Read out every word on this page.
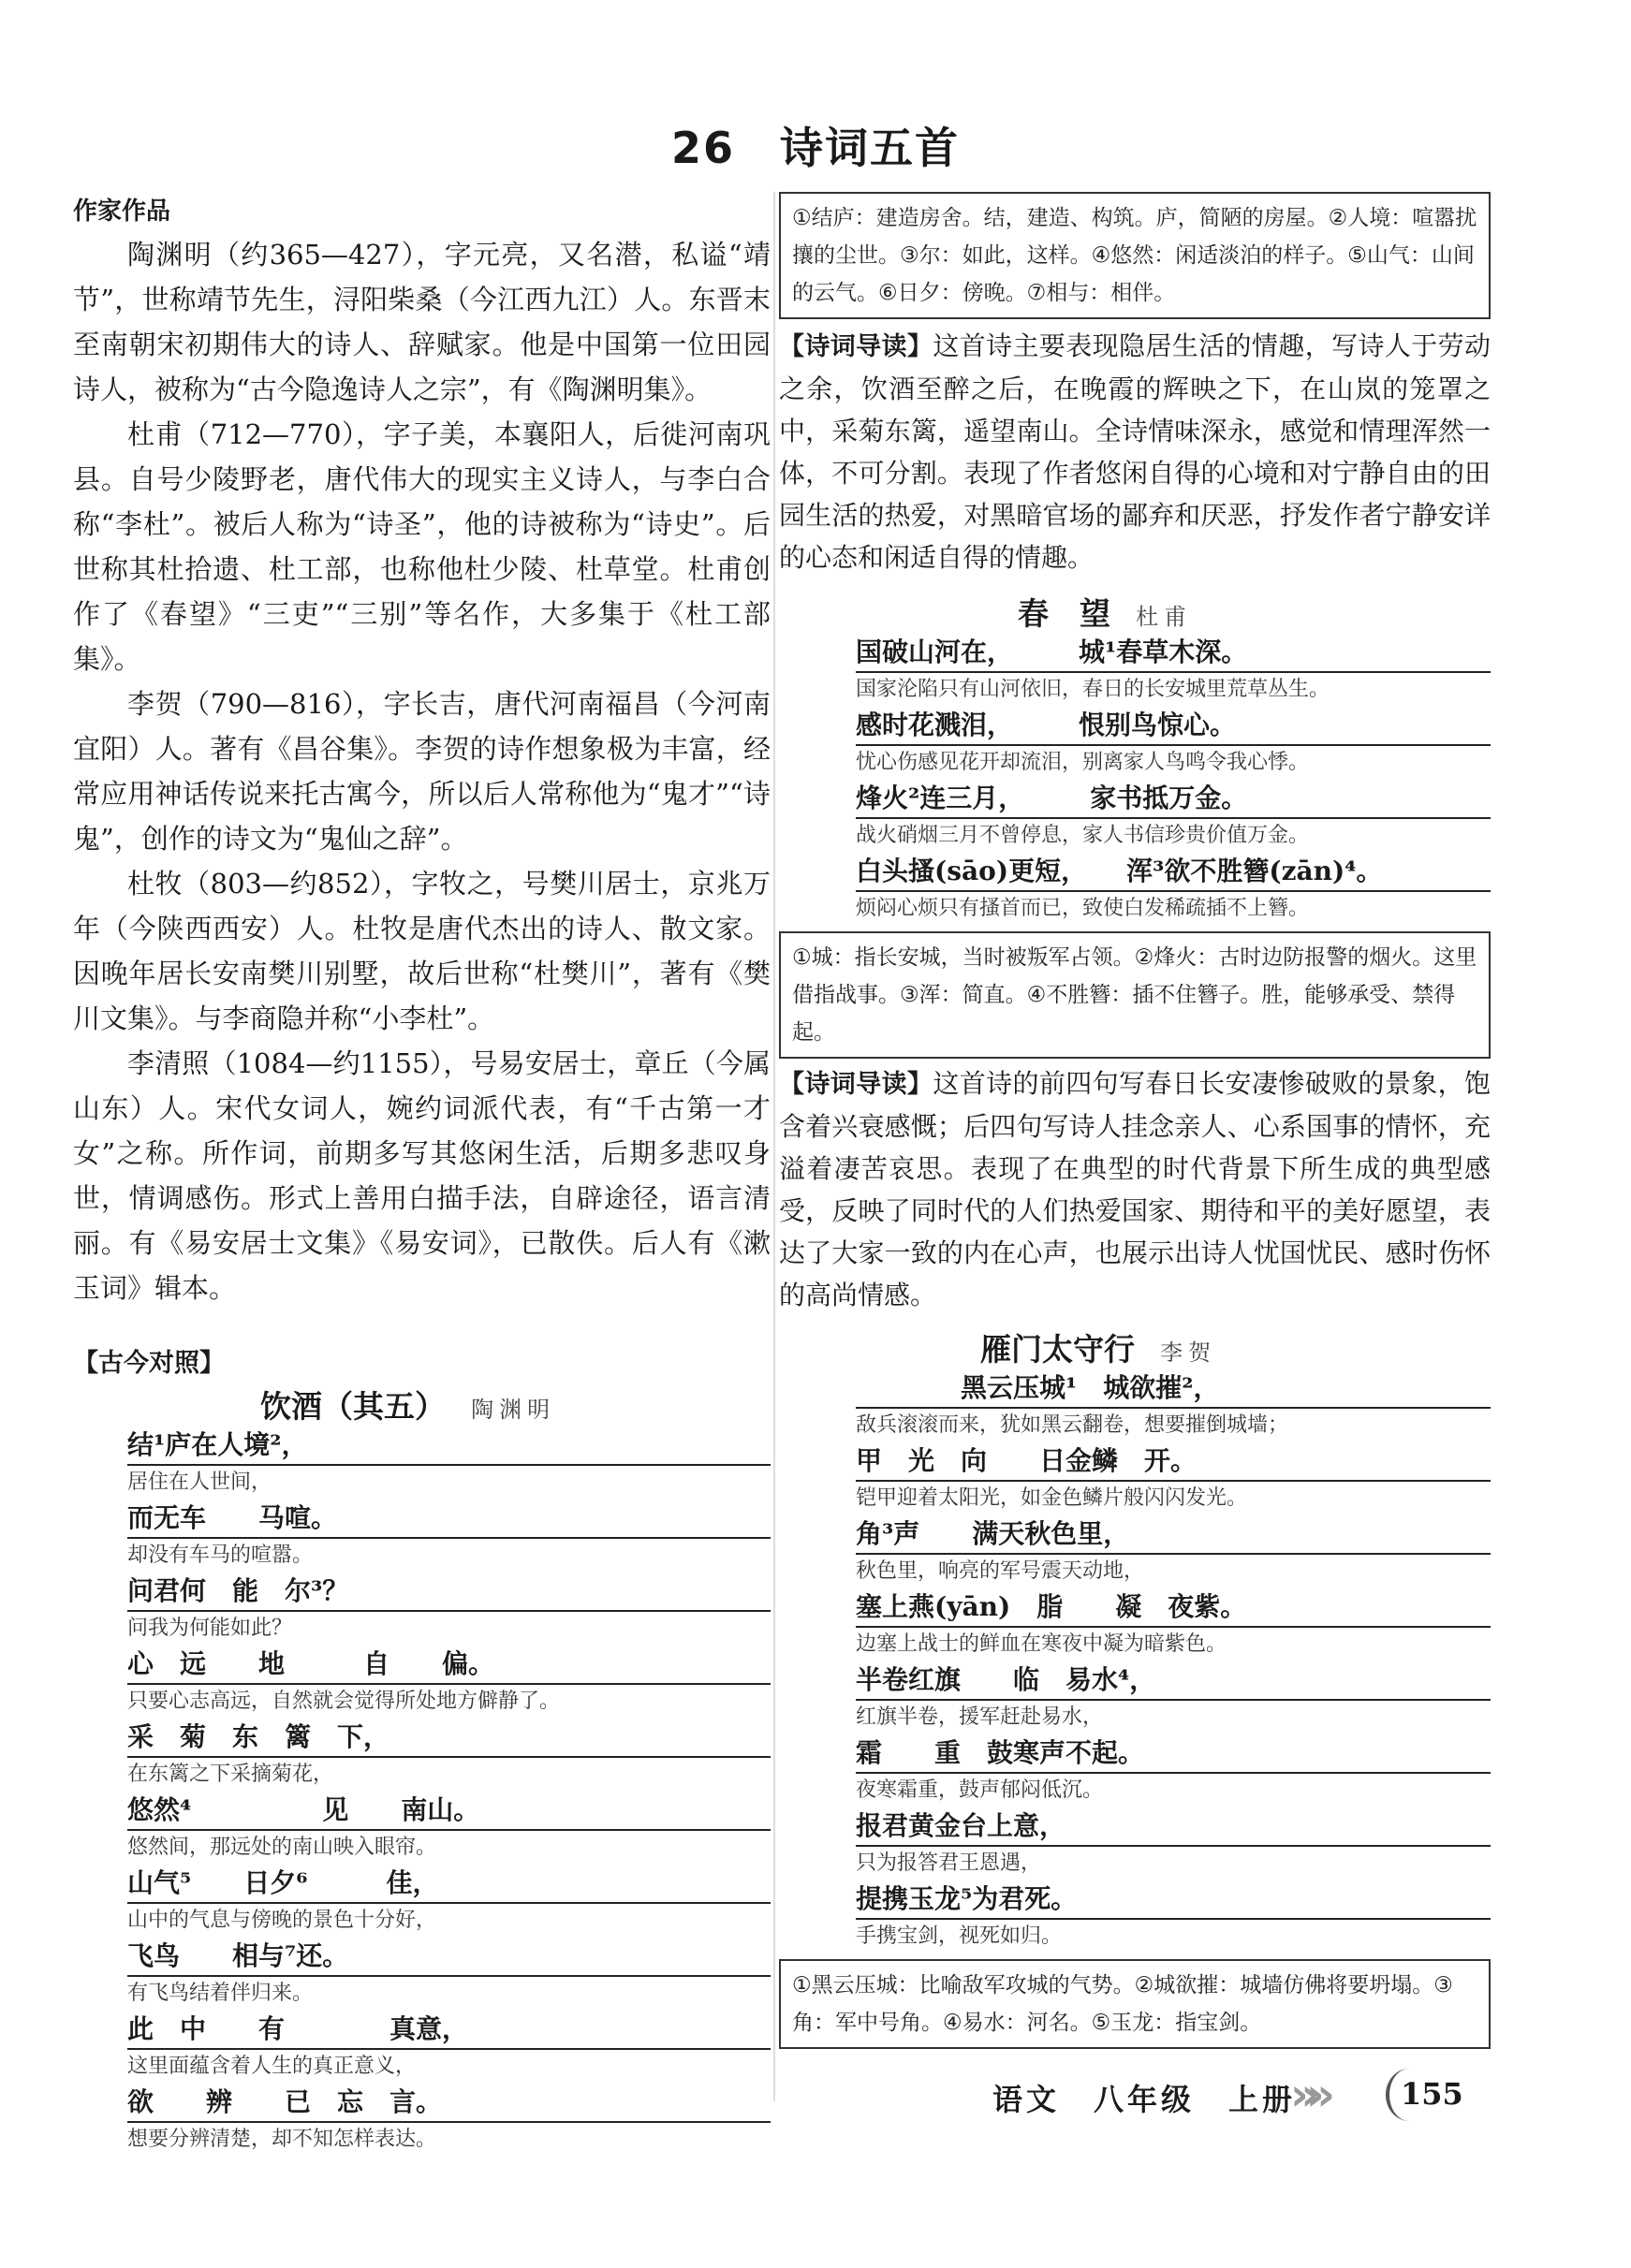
26　诗词五首
作家作品

陶渊明（约365—427），字元亮，又名潜，私谥“靖节”，世称靖节先生，浔阳柴桑（今江西九江）人。东晋末至南朝宋初期伟大的诗人、辞赋家。他是中国第一位田园诗人，被称为“古今隐逸诗人之宗”，有《陶渊明集》。

杜甫（712—770），字子美，本襄阳人，后徙河南巩县。自号少陵野老，唐代伟大的现实主义诗人，与李白合称“李杜”。被后人称为“诗圣”，他的诗被称为“诗史”。后世称其杜拾遗、杜工部，也称他杜少陵、杜草堂。杜甫创作了《春望》“三吏”“三别”等名作，大多集于《杜工部集》。

李贺（790—816），字长吉，唐代河南福昌（今河南宜阳）人。著有《昌谷集》。李贺的诗作想象极为丰富，经常应用神话传说来托古寓今，所以后人常称他为“鬼才”“诗鬼”，创作的诗文为“鬼仙之辞”。

杜牧（803—约852），字牧之，号樊川居士，京兆万年（今陕西西安）人。杜牧是唐代杰出的诗人、散文家。因晚年居长安南樊川别墅，故后世称“杜樊川”，著有《樊川文集》。与李商隐并称“小李杜”。

李清照（1084—约1155），号易安居士，章丘（今属山东）人。宋代女词人，婉约词派代表，有“千古第一才女”之称。所作词，前期多写其悠闲生活，后期多悲叹身世，情调感伤。形式上善用白描手法，自辟途径，语言清丽。有《易安居士文集》《易安词》，已散佚。后人有《漱玉词》辑本。

【古今对照】
饮酒（其五） 陶渊明
结¹庐在人境²，
居住在人世间，
而无车　　马喧。
却没有车马的喧嚣。
问君何　能　尔³？
问我为何能如此？
心　远　　地　　　自　　偏。
只要心志高远，自然就会觉得所处地方僻静了。
采　菊　东　篱　下，
在东篱之下采摘菊花，
悠然⁴　　　　　见　　南山。
悠然间，那远处的南山映入眼帘。
山气⁵　　日夕⁶　　　佳，
山中的气息与傍晚的景色十分好，
飞鸟　　相与⁷还。
有飞鸟结着伴归来。
此　中　　有　　　　真意，
这里面蕴含着人生的真正意义，
欲　　辨　　已　忘　言。
想要分辨清楚，却不知怎样表达。
①结庐：建造房舍。结，建造、构筑。庐，简陋的房屋。②人境：喧嚣扰攘的尘世。③尔：如此，这样。④悠然：闲适淡泊的样子。⑤山气：山间的云气。⑥日夕：傍晚。⑦相与：相伴。

【诗词导读】这首诗主要表现隐居生活的情趣，写诗人于劳动之余，饮酒至醉之后，在晚霞的辉映之下，在山岚的笼罩之中，采菊东篱，遥望南山。全诗情味深永，感觉和情理浑然一体，不可分割。表现了作者悠闲自得的心境和对宁静自由的田园生活的热爱，对黑暗官场的鄙弃和厌恶，抒发作者宁静安详的心态和闲适自得的情趣。

春　望 杜甫
国破山河在，　　　城¹春草木深。
国家沦陷只有山河依旧，春日的长安城里荒草丛生。
感时花溅泪，　　　恨别鸟惊心。
忧心伤感见花开却流泪，别离家人鸟鸣令我心悸。
烽火²连三月，　　　家书抵万金。
战火硝烟三月不曾停息，家人书信珍贵价值万金。
白头搔(sāo)更短，　　浑³欲不胜簪(zān)⁴。
烦闷心烦只有搔首而已，致使白发稀疏插不上簪。
①城：指长安城，当时被叛军占领。②烽火：古时边防报警的烟火。这里借指战事。③浑：简直。④不胜簪：插不住簪子。胜，能够承受、禁得起。

【诗词导读】这首诗的前四句写春日长安凄惨破败的景象，饱含着兴衰感慨；后四句写诗人挂念亲人、心系国事的情怀，充溢着凄苦哀思。表现了在典型的时代背景下所生成的典型感受，反映了同时代的人们热爱国家、期待和平的美好愿望，表达了大家一致的内在心声，也展示出诗人忧国忧民、感时伤怀的高尚情感。

雁门太守行 李贺
　　　　黑云压城¹　城欲摧²，
敌兵滚滚而来，犹如黑云翻卷，想要摧倒城墙；
甲　光　向　　日金鳞　开。
铠甲迎着太阳光，如金色鳞片般闪闪发光。
角³声　　满天秋色里，
秋色里，响亮的军号震天动地，
塞上燕(yān)　脂　　凝　夜紫。
边塞上战士的鲜血在寒夜中凝为暗紫色。
半卷红旗　　临　易水⁴，
红旗半卷，援军赶赴易水，
霜　　重　鼓寒声不起。
夜寒霜重，鼓声郁闷低沉。
报君黄金台上意，
只为报答君王恩遇，
提携玉龙⁵为君死。
手携宝剑，视死如归。
①黑云压城：比喻敌军攻城的气势。②城欲摧：城墙仿佛将要坍塌。③角：军中号角。④易水：河名。⑤玉龙：指宝剑。
语文　八年级　上册
»»	155
